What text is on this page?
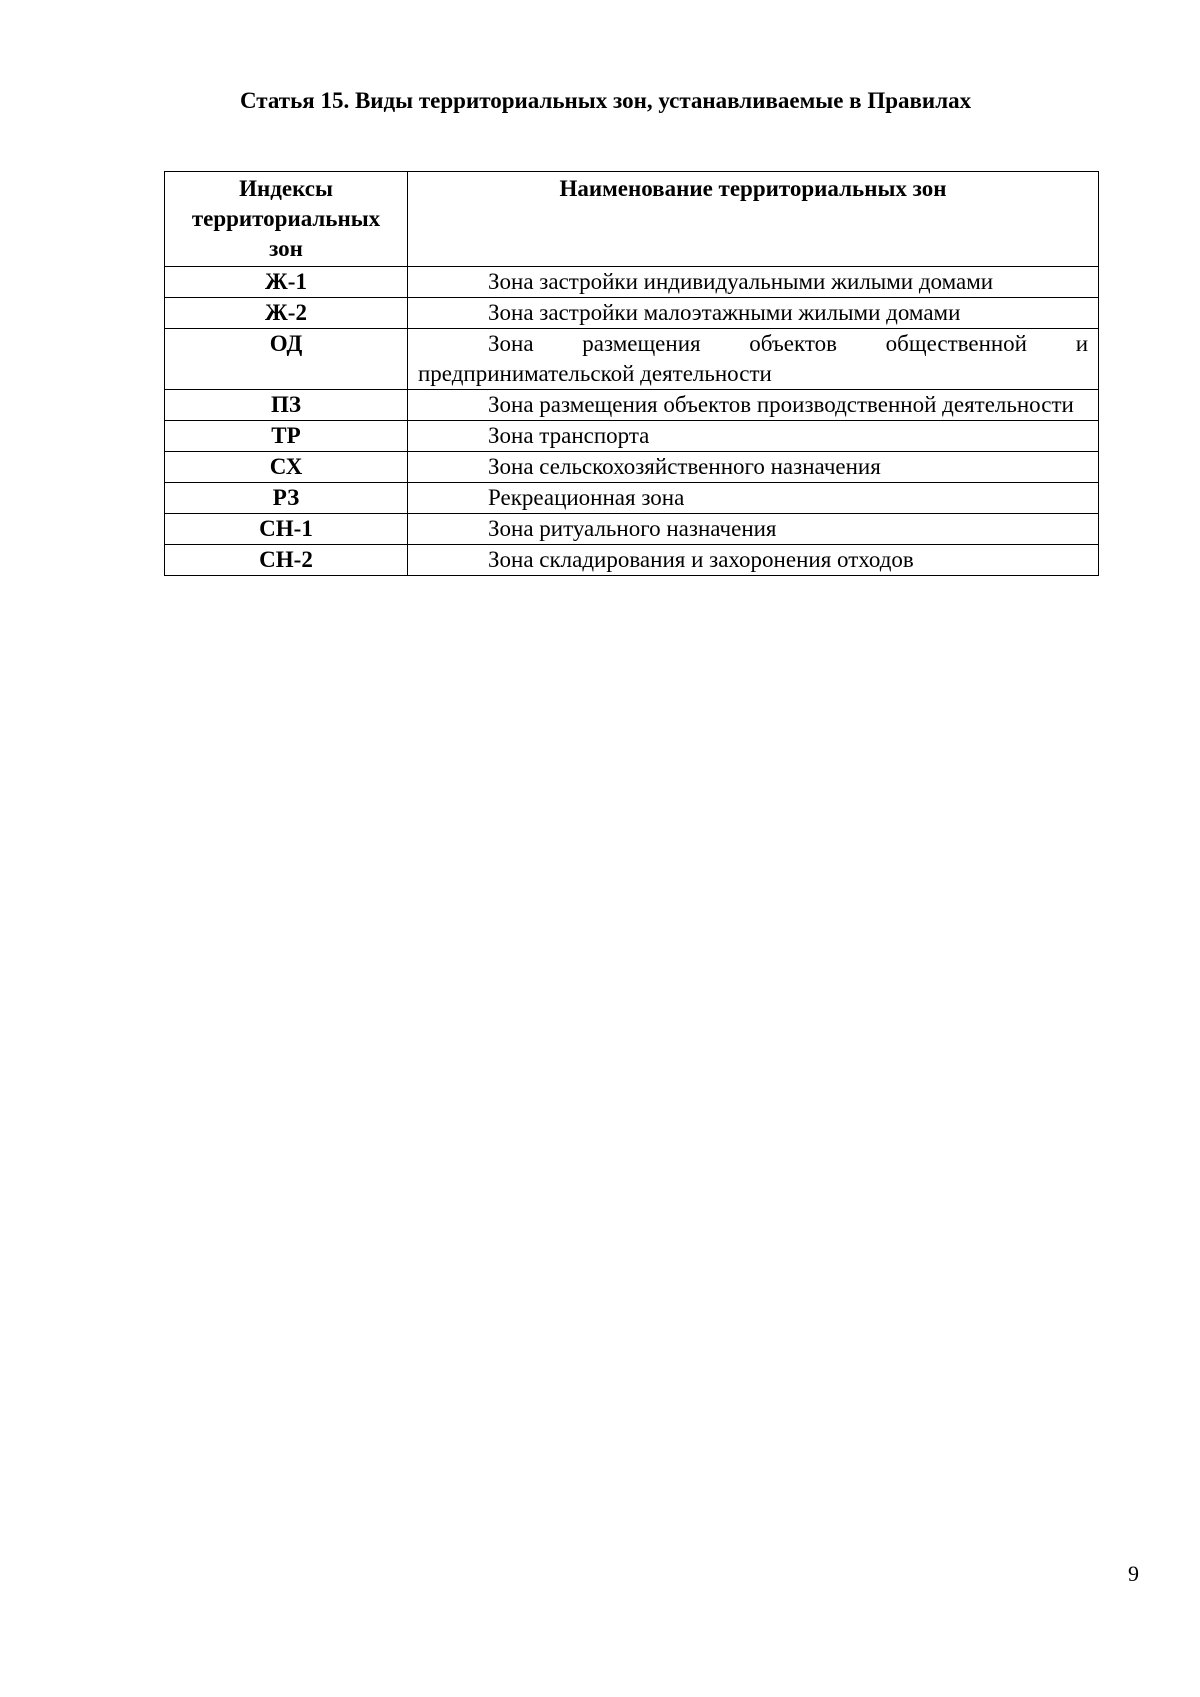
Статья 15. Виды территориальных зон, устанавливаемые в Правилах
Индексы территориальных зон	Наименование территориальных зон
Ж-1	Зона застройки индивидуальными жилыми домами
Ж-2	Зона застройки малоэтажными жилыми домами
ОД	Зона размещения объектов общественной и предпринимательской деятельности
ПЗ	Зона размещения объектов производственной деятельности
ТР	Зона транспорта
СХ	Зона сельскохозяйственного назначения
РЗ	Рекреационная зона
СН-1	Зона ритуального назначения
СН-2	Зона складирования и захоронения отходов
9
